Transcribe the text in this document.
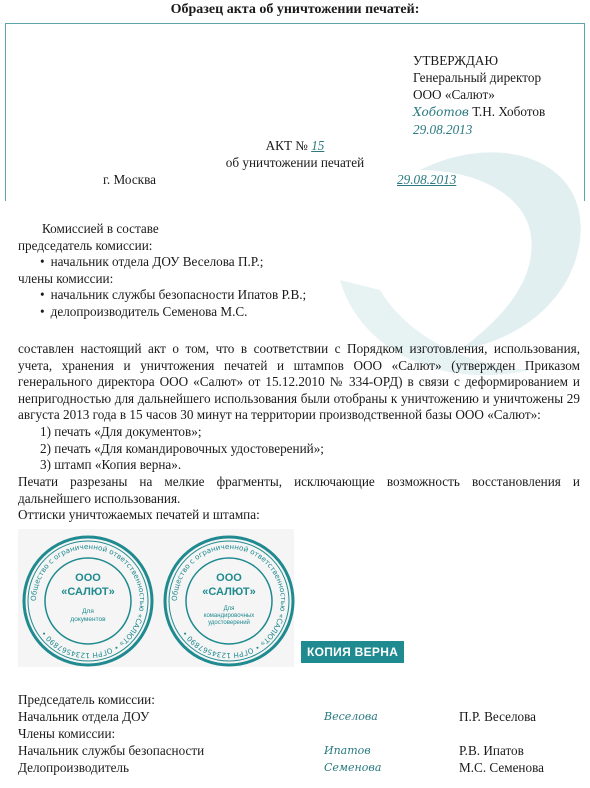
Образец акта об уничтожении печатей:
УТВЕРЖДАЮ
Генеральный директор
ООО «Салют»
Хоботов Т.Н. Хоботов
29.08.2013
АКТ № 15
об уничтожении печатей
г. Москва	29.08.2013
Комиссией в составе
председатель комиссии:
• начальник отдела ДОУ Веселова П.Р.;
члены комиссии:
• начальник службы безопасности Ипатов Р.В.;
• делопроизводитель Семенова М.С.
составлен настоящий акт о том, что в соответствии с Порядком изготовления, использования, учета, хранения и уничтожения печатей и штампов ООО «Салют» (утвержден Приказом генерального директора ООО «Салют» от 15.12.2010 № 334-ОРД) в связи с деформированием и непригодностью для дальнейшего использования были отобраны к уничтожению и уничтожены 29 августа 2013 года в 15 часов 30 минут на территории производственной базы ООО «Салют»:
1) печать «Для документов»;
2) печать «Для командировочных удостоверений»;
3) штамп «Копия верна».
Печати разрезаны на мелкие фрагменты, исключающие возможность восстановления и дальнейшего использования.
Оттиски уничтожаемых печатей и штампа:
Общество с ограниченной ответственностью «САЛЮТ» • ОГРН 1234567890 •
ООО
«САЛЮТ»
Для
документов
Общество с ограниченной ответственностью «САЛЮТ» • ОГРН 1234567890 •
ООО
«САЛЮТ»
Для
командировочных
удостоверений
КОПИЯ ВЕРНА
Председатель комиссии:
Начальник отдела ДОУ	Веселова	П.Р. Веселова
Члены комиссии:
Начальник службы безопасности	Ипатов	Р.В. Ипатов
Делопроизводитель	Семенова	М.С. Семенова
